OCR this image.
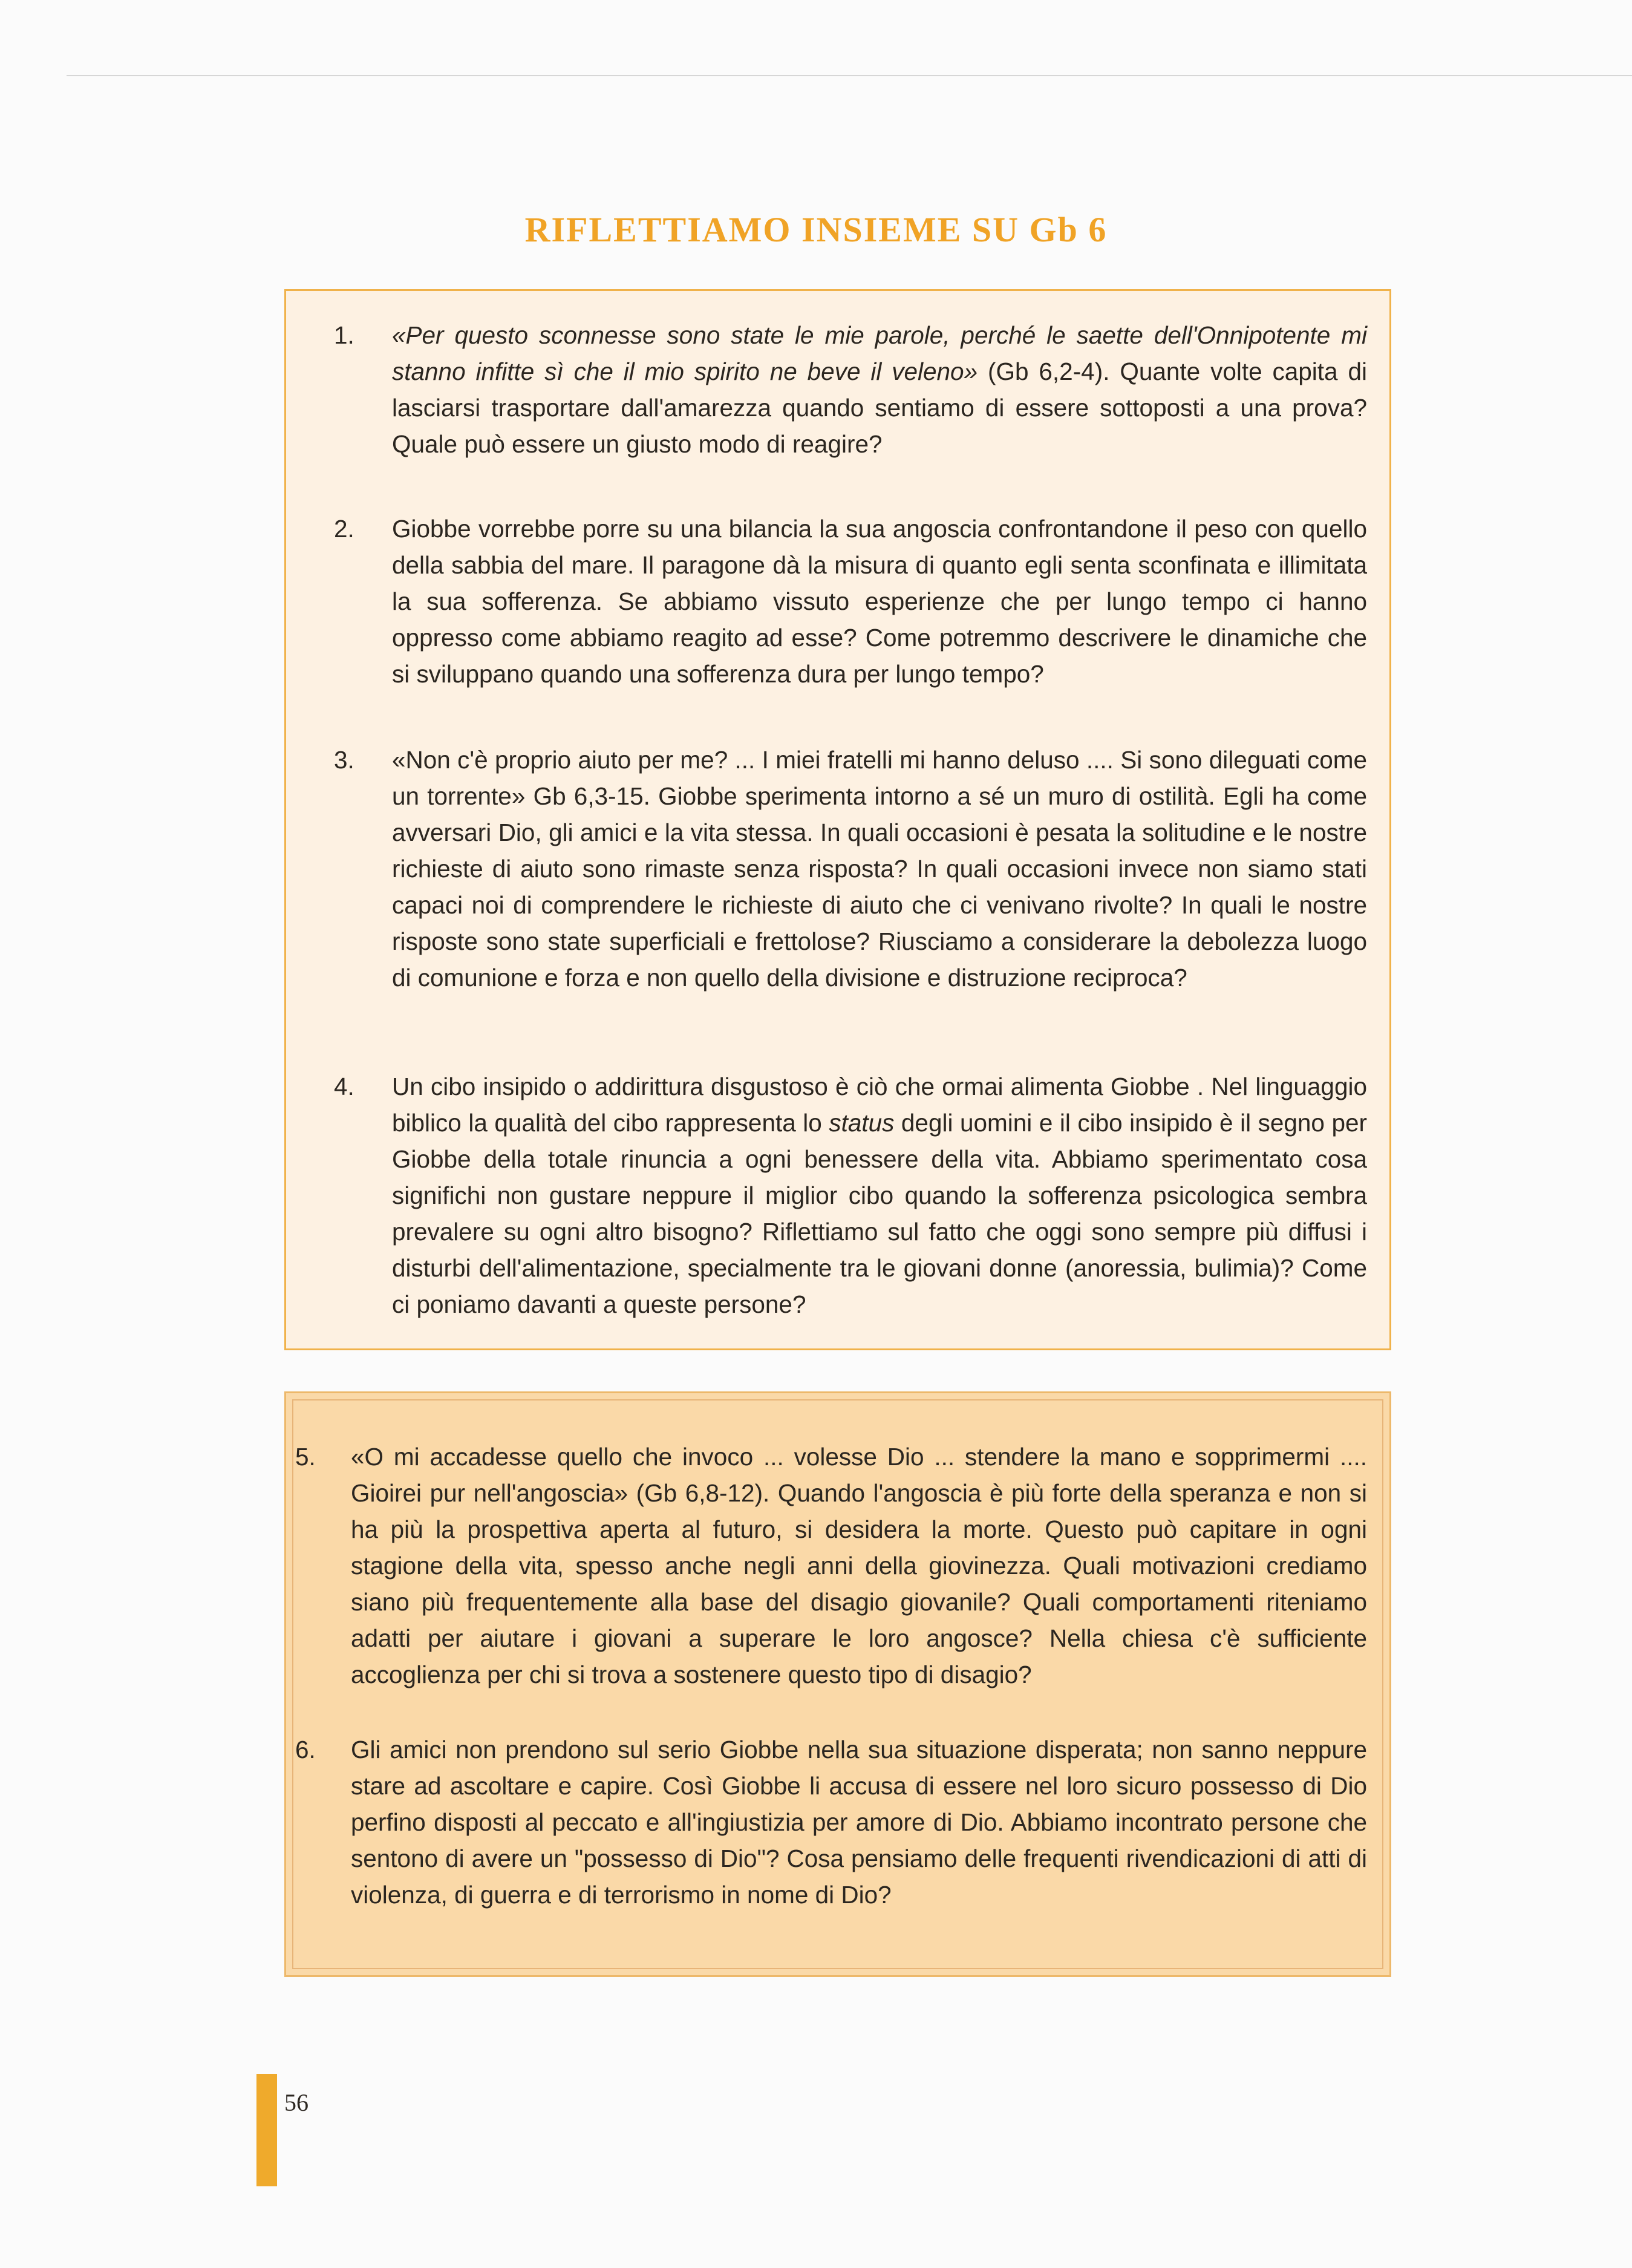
RIFLETTIAMO INSIEME SU Gb 6

1.	«Per questo sconnesse sono state le mie parole, perché le saette dell'Onnipotente mi stanno infitte sì che il mio spirito ne beve il veleno» (Gb 6,2-4). Quante volte capita di lasciarsi trasportare dall'amarezza quando sentiamo di essere sottoposti a una prova? Quale può essere un giusto modo di reagire?

2.	Giobbe vorrebbe porre su una bilancia la sua angoscia confrontandone il peso con quello della sabbia del mare. Il paragone dà la misura di quanto egli senta sconfinata e illimitata la sua sofferenza. Se abbiamo vissuto esperienze che per lungo tempo ci hanno oppresso come abbiamo reagito ad esse? Come potremmo descrivere le dinamiche che si sviluppano quando una sofferenza dura per lungo tempo?

3.	«Non c'è proprio aiuto per me? ... I miei fratelli mi hanno deluso .... Si sono dileguati come un torrente» Gb 6,3-15. Giobbe sperimenta intorno a sé un muro di ostilità. Egli ha come avversari Dio, gli amici e la vita stessa. In quali occasioni è pesata la solitudine e le nostre richieste di aiuto sono rimaste senza risposta? In quali occasioni invece non siamo stati capaci noi di comprendere le richieste di aiuto che ci venivano rivolte? In quali le nostre risposte sono state superficiali e frettolose? Riusciamo a considerare la debolezza luogo di comunione e forza e non quello della divisione e distruzione reciproca?

4.	Un cibo insipido o addirittura disgustoso è ciò che ormai alimenta Giobbe . Nel linguaggio biblico la qualità del cibo rappresenta lo status degli uomini e il cibo insipido è il segno per Giobbe della totale rinuncia a ogni benessere della vita. Abbiamo sperimentato cosa significhi non gustare neppure il miglior cibo quando la sofferenza psicologica sembra prevalere su ogni altro bisogno? Riflettiamo sul fatto che oggi sono sempre più diffusi i disturbi dell'alimentazione, specialmente tra le giovani donne (anoressia, bulimia)? Come ci poniamo davanti a queste persone?

5.	«O mi accadesse quello che invoco ... volesse Dio ... stendere la mano e sopprimermi .... Gioirei pur nell'angoscia» (Gb 6,8-12). Quando l'angoscia è più forte della speranza e non si ha più la prospettiva aperta al futuro, si desidera la morte. Questo può capitare in ogni stagione della vita, spesso anche negli anni della giovinezza. Quali motivazioni crediamo siano più frequentemente alla base del disagio giovanile? Quali comportamenti riteniamo adatti per aiutare i giovani a superare le loro angosce? Nella chiesa c'è sufficiente accoglienza per chi si trova a sostenere questo tipo di disagio?

6.	Gli amici non prendono sul serio Giobbe nella sua situazione disperata; non sanno neppure stare ad ascoltare e capire. Così Giobbe li accusa di essere nel loro sicuro possesso di Dio perfino disposti al peccato e all'ingiustizia per amore di Dio. Abbiamo incontrato persone che sentono di avere un "possesso di Dio"? Cosa pensiamo delle frequenti rivendicazioni di atti di violenza, di guerra e di terrorismo in nome di Dio?

56
